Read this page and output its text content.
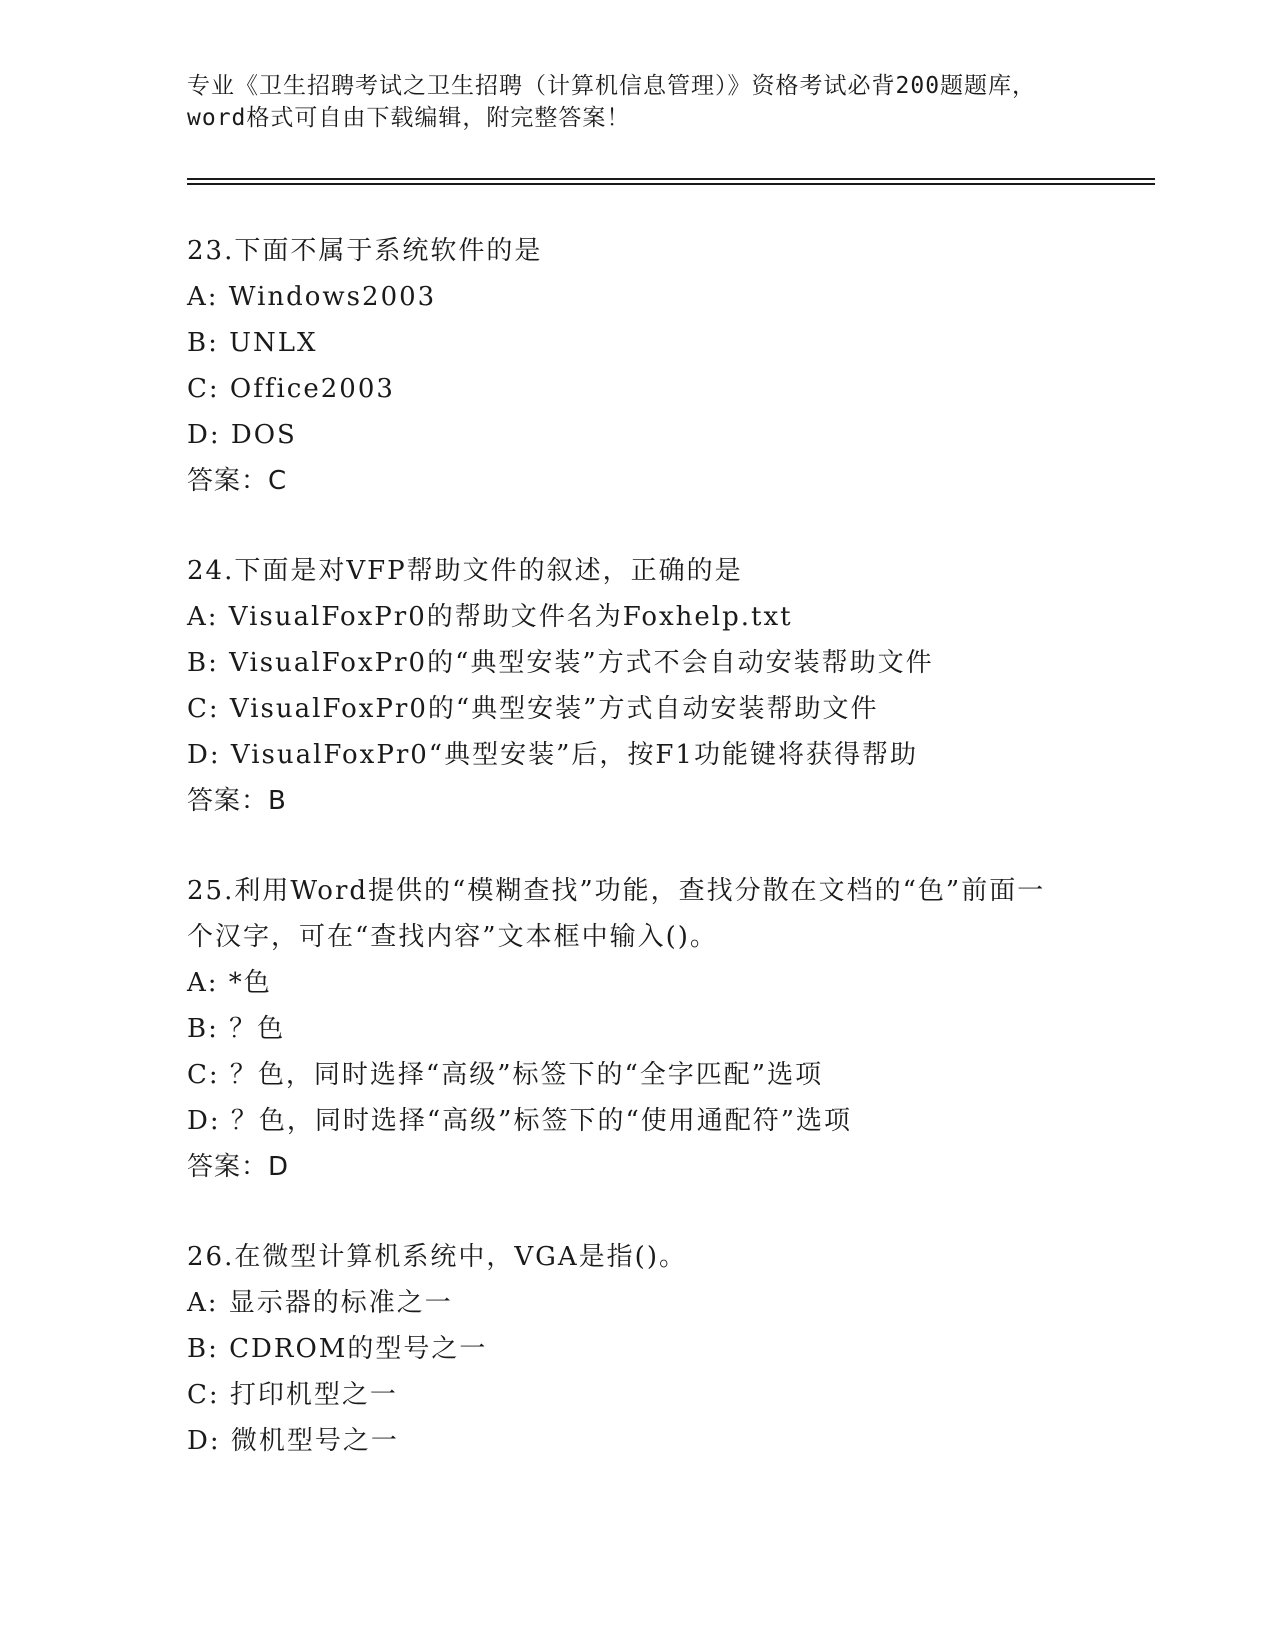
专业《卫生招聘考试之卫生招聘（计算机信息管理）》资格考试必背200题题库，
word格式可自由下载编辑，附完整答案！
23.下面不属于系统软件的是
A: Windows2003
B: UNLX
C: Office2003
D: DOS
答案：C
24.下面是对VFP帮助文件的叙述，正确的是
A: VisualFoxPr0的帮助文件名为Foxhelp.txt
B: VisualFoxPr0的“典型安装”方式不会自动安装帮助文件
C: VisualFoxPr0的“典型安装”方式自动安装帮助文件
D: VisualFoxPr0“典型安装”后，按F1功能键将获得帮助
答案：B
25.利用Word提供的“模糊查找”功能，查找分散在文档的“色”前面一个汉字，可在“查找内容”文本框中输入()。
A: *色
B: ？色
C: ？色，同时选择“高级”标签下的“全字匹配”选项
D: ？色，同时选择“高级”标签下的“使用通配符”选项
答案：D
26.在微型计算机系统中，VGA是指()。
A: 显示器的标准之一
B: CDROM的型号之一
C: 打印机型之一
D: 微机型号之一
